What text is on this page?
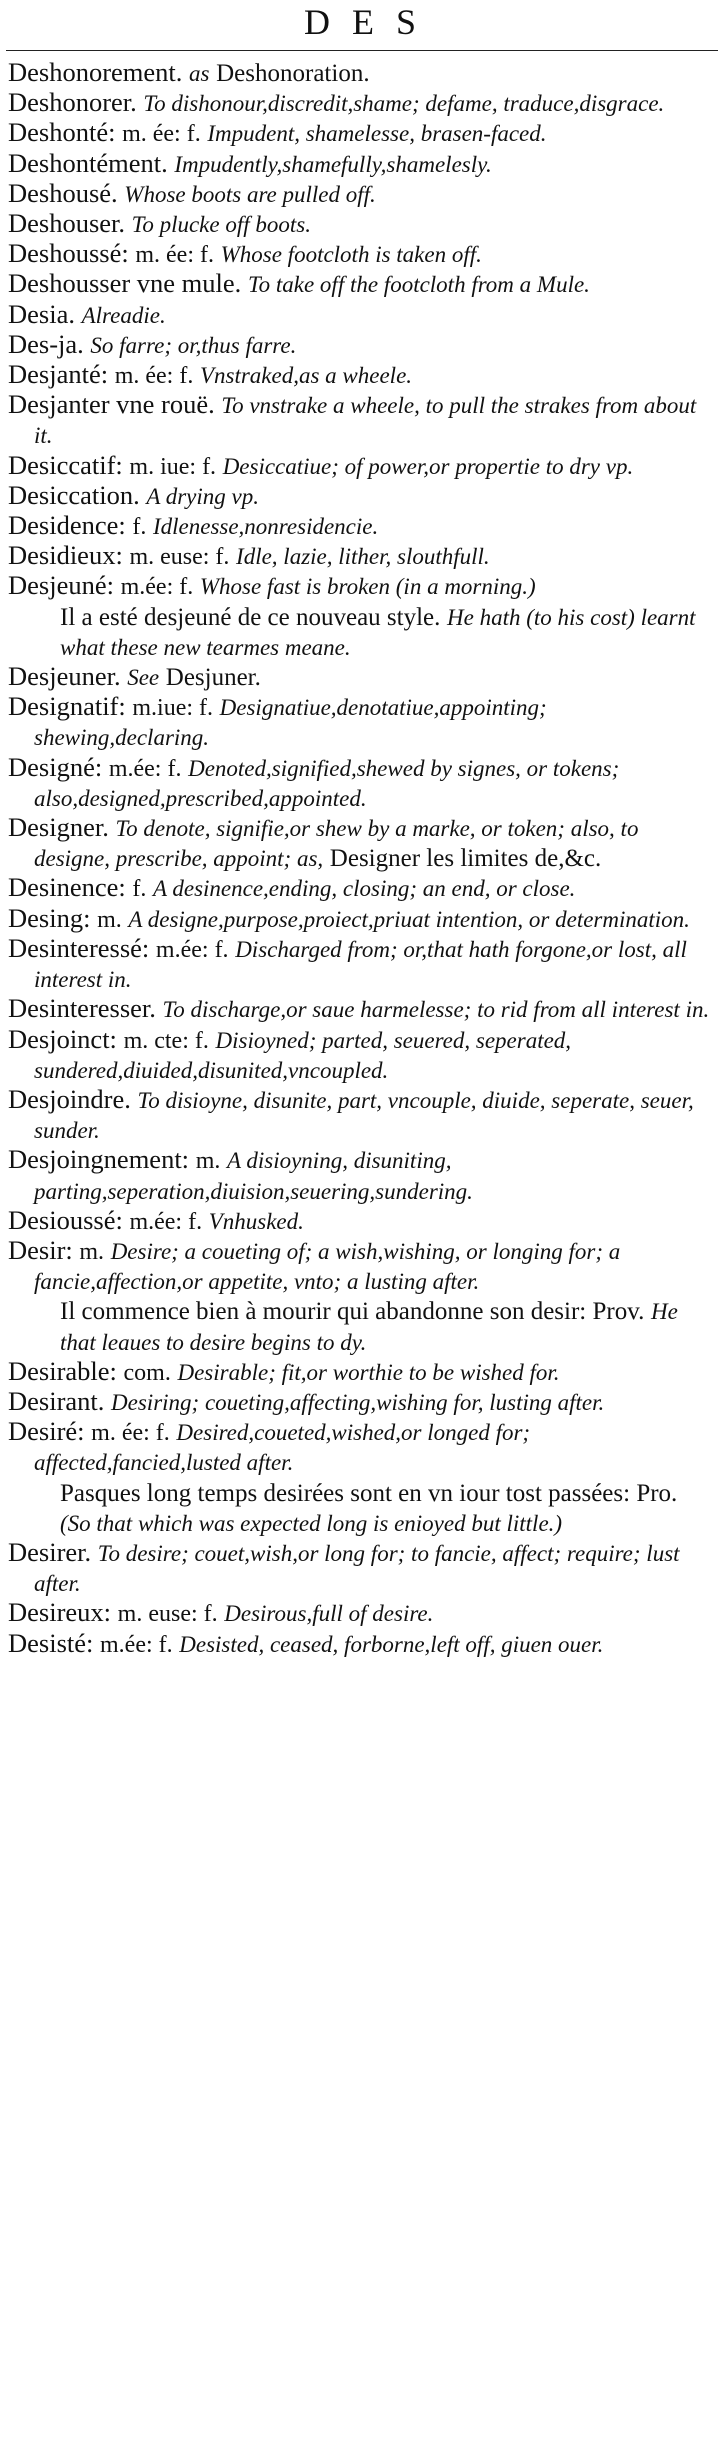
DES

Deshonorement. as Deshonoration.

Deshonorer. To dishonour,discredit,shame; defame, traduce,disgrace.

Deshonté: m. ée: f. Impudent, shamelesse, brasen-faced.

Deshontément. Impudently,shamefully,shamelesly.

Deshousé. Whose boots are pulled off.

Deshouser. To plucke off boots.

Deshoussé: m. ée: f. Whose footcloth is taken off.

Deshousser vne mule. To take off the footcloth from a Mule.

Desia. Alreadie.

Des-ja. So farre; or,thus farre.

Desjanté: m. ée: f. Vnstraked,as a wheele.

Desjanter vne rouë. To vnstrake a wheele, to pull the strakes from about it.

Desiccatif: m. iue: f. Desiccatiue; of power,or propertie to dry vp.

Desiccation. A drying vp.

Desidence: f. Idlenesse,nonresidencie.

Desidieux: m. euse: f. Idle, lazie, lither, slouthfull.

Desjeuné: m.ée: f. Whose fast is broken (in a morning.)
Il a esté desjeuné de ce nouveau style. He hath (to his cost) learnt what these new tearmes meane.

Desjeuner. See Desjuner.

Designatif: m.iue: f. Designatiue,denotatiue,appointing; shewing,declaring.

Designé: m.ée: f. Denoted,signified,shewed by signes, or tokens; also,designed,prescribed,appointed.

Designer. To denote, signifie,or shew by a marke, or token; also, to designe, prescribe, appoint; as, Designer les limites de,&c.

Desinence: f. A desinence,ending, closing; an end, or close.

Desing: m. A designe,purpose,proiect,priuat intention, or determination.

Desinteressé: m.ée: f. Discharged from; or,that hath forgone,or lost, all interest in.

Desinteresser. To discharge,or saue harmelesse; to rid from all interest in.

Desjoinct: m. cte: f. Disioyned; parted, seuered, seperated, sundered,diuided,disunited,vncoupled.

Desjoindre. To disioyne, disunite, part, vncouple, diuide, seperate, seuer, sunder.

Desjoingnement: m. A disioyning, disuniting, parting,seperation,diuision,seuering,sundering.

Desioussé: m.ée: f. Vnhusked.

Desir: m. Desire; a coueting of; a wish,wishing, or longing for; a fancie,affection,or appetite, vnto; a lusting after.
Il commence bien à mourir qui abandonne son desir: Prov. He that leaues to desire begins to dy.

Desirable: com. Desirable; fit,or worthie to be wished for.

Desirant. Desiring; coueting,affecting,wishing for, lusting after.

Desiré: m. ée: f. Desired,coueted,wished,or longed for; affected,fancied,lusted after.
Pasques long temps desirées sont en vn iour tost passées: Pro. (So that which was expected long is enioyed but little.)

Desirer. To desire; couet,wish,or long for; to fancie, affect; require; lust after.

Desireux: m. euse: f. Desirous,full of desire.

Desisté: m.ée: f. Desisted, ceased, forborne,left off, giuen ouer.
